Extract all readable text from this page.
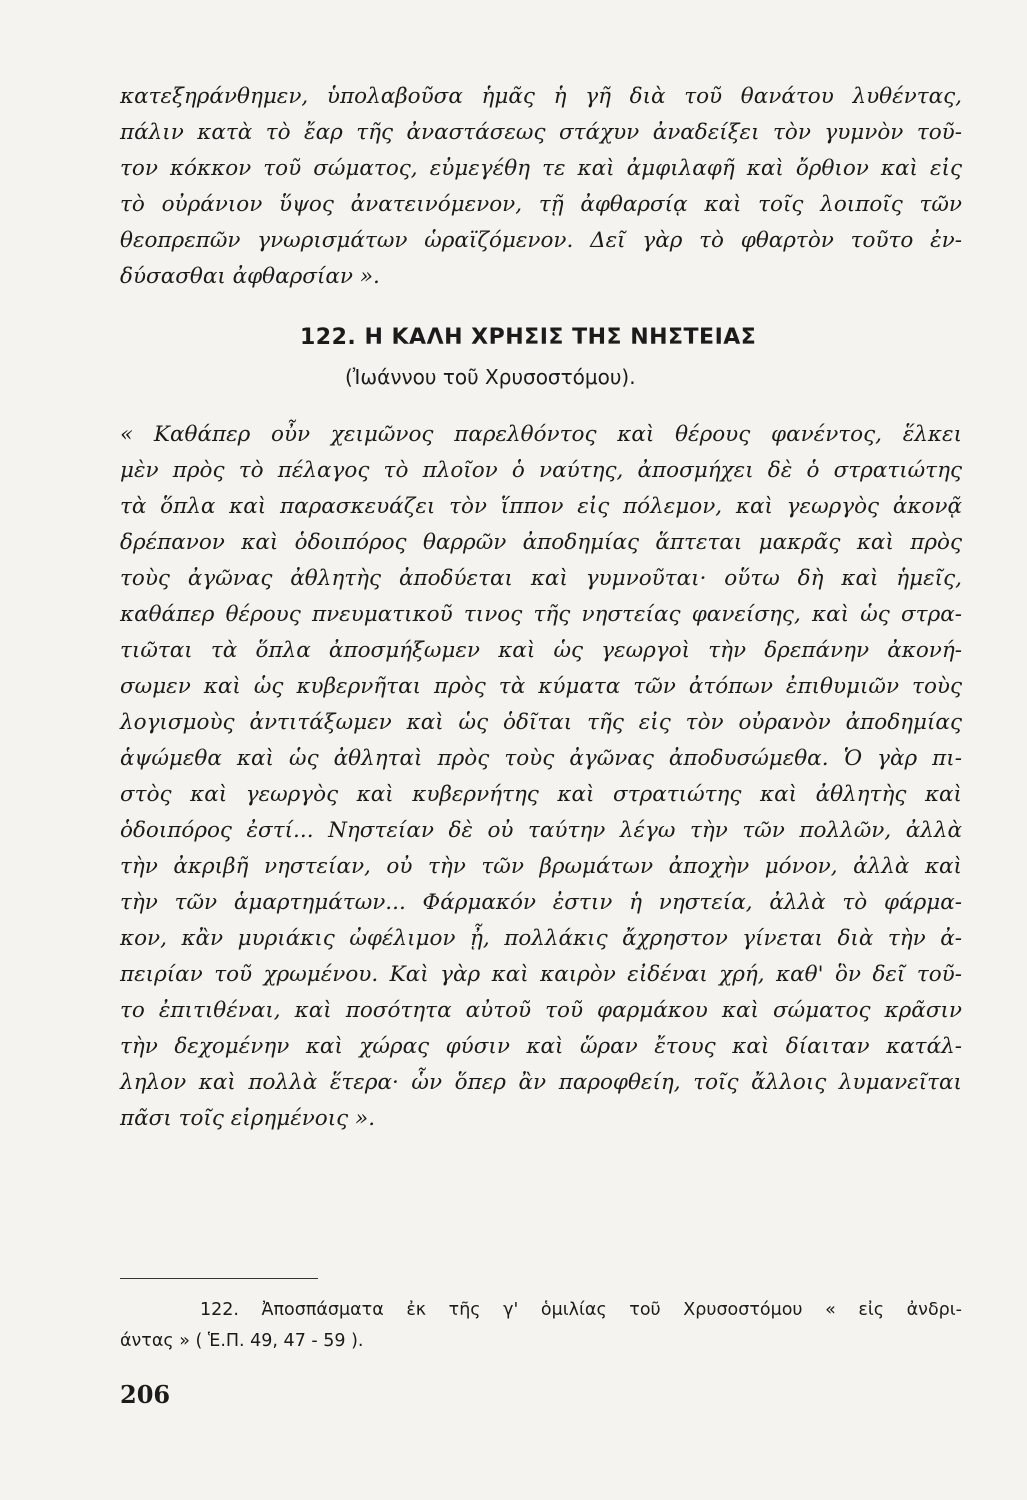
κατεξηράνθημεν, ὑπολαβοῦσα ἡμᾶς ἡ γῆ διὰ τοῦ θανάτου λυθέντας,
πάλιν κατὰ τὸ ἔαρ τῆς ἀναστάσεως στάχυν ἀναδείξει τὸν γυμνὸν τοῦ-
τον κόκκον τοῦ σώματος, εὐμεγέθη τε καὶ ἀμφιλαφῆ καὶ ὄρθιον καὶ εἰς
τὸ οὐράνιον ὕψος ἀνατεινόμενον, τῇ ἀφθαρσίᾳ καὶ τοῖς λοιποῖς τῶν
θεοπρεπῶν γνωρισμάτων ὡραϊζόμενον. Δεῖ γὰρ τὸ φθαρτὸν τοῦτο ἐν-
δύσασθαι ἀφθαρσίαν ».
122. Η ΚΑΛΗ ΧΡΗΣΙΣ ΤΗΣ ΝΗΣΤΕΙΑΣ
(Ἰωάννου τοῦ Χρυσοστόμου).
« Καθάπερ οὖν χειμῶνος παρελθόντος καὶ θέρους φανέντος, ἕλκει
μὲν πρὸς τὸ πέλαγος τὸ πλοῖον ὁ ναύτης, ἀποσμήχει δὲ ὁ στρατιώτης
τὰ ὅπλα καὶ παρασκευάζει τὸν ἵππον εἰς πόλεμον, καὶ γεωργὸς ἀκονᾷ
δρέπανον καὶ ὁδοιπόρος θαρρῶν ἀποδημίας ἅπτεται μακρᾶς καὶ πρὸς
τοὺς ἀγῶνας ἀθλητὴς ἀποδύεται καὶ γυμνοῦται· οὕτω δὴ καὶ ἡμεῖς,
καθάπερ θέρους πνευματικοῦ τινος τῆς νηστείας φανείσης, καὶ ὡς στρα-
τιῶται τὰ ὅπλα ἀποσμήξωμεν καὶ ὡς γεωργοὶ τὴν δρεπάνην ἀκονή-
σωμεν καὶ ὡς κυβερνῆται πρὸς τὰ κύματα τῶν ἀτόπων ἐπιθυμιῶν τοὺς
λογισμοὺς ἀντιτάξωμεν καὶ ὡς ὁδῖται τῆς εἰς τὸν οὐρανὸν ἀποδημίας
ἁψώμεθα καὶ ὡς ἀθληταὶ πρὸς τοὺς ἀγῶνας ἀποδυσώμεθα. Ὁ γὰρ πι-
στὸς καὶ γεωργὸς καὶ κυβερνήτης καὶ στρατιώτης καὶ ἀθλητὴς καὶ
ὁδοιπόρος ἐστί... Νηστείαν δὲ οὐ ταύτην λέγω τὴν τῶν πολλῶν, ἀλλὰ
τὴν ἀκριβῆ νηστείαν, οὐ τὴν τῶν βρωμάτων ἀποχὴν μόνον, ἀλλὰ καὶ
τὴν τῶν ἁμαρτημάτων... Φάρμακόν ἐστιν ἡ νηστεία, ἀλλὰ τὸ φάρμα-
κον, κἂν μυριάκις ὠφέλιμον ᾖ, πολλάκις ἄχρηστον γίνεται διὰ τὴν ἀ-
πειρίαν τοῦ χρωμένου. Καὶ γὰρ καὶ καιρὸν εἰδέναι χρή, καθ' ὃν δεῖ τοῦ-
το ἐπιτιθέναι, καὶ ποσότητα αὐτοῦ τοῦ φαρμάκου καὶ σώματος κρᾶσιν
τὴν δεχομένην καὶ χώρας φύσιν καὶ ὥραν ἔτους καὶ δίαιταν κατάλ-
ληλον καὶ πολλὰ ἕτερα· ὧν ὅπερ ἂν παροφθείη, τοῖς ἄλλοις λυμανεῖται
πᾶσι τοῖς εἰρημένοις ».
122. Ἀποσπάσματα ἐκ τῆς γ' ὁμιλίας τοῦ Χρυσοστόμου « εἰς ἀνδρι-
άντας » ( Ἑ.Π. 49, 47 - 59 ).
206
